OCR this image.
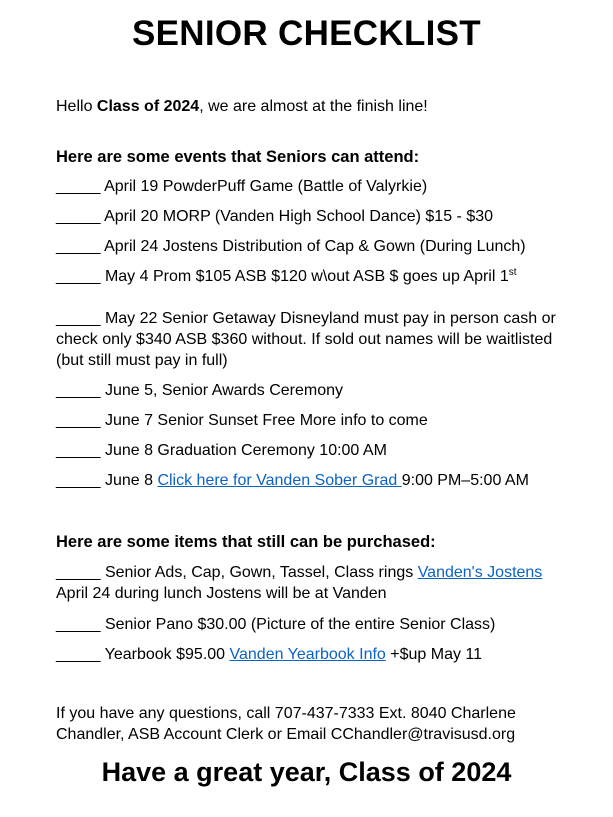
SENIOR CHECKLIST
Hello Class of 2024, we are almost at the finish line!
Here are some events that Seniors can attend:
_____ April 19 PowderPuff Game (Battle of Valyrkie)
_____ April 20 MORP (Vanden High School Dance) $15 - $30
_____ April 24 Jostens Distribution of Cap & Gown (During Lunch)
_____ May 4 Prom $105 ASB $120 w\out ASB $ goes up April 1st
_____ May 22 Senior Getaway Disneyland must pay in person cash or check only $340 ASB $360 without. If sold out names will be waitlisted (but still must pay in full)
_____ June 5, Senior Awards Ceremony
_____ June 7 Senior Sunset Free More info to come
_____ June 8 Graduation Ceremony 10:00 AM
_____ June 8 Click here for Vanden Sober Grad 9:00 PM–5:00 AM
Here are some items that still can be purchased:
_____ Senior Ads, Cap, Gown, Tassel, Class rings Vanden's Jostens April 24 during lunch Jostens will be at Vanden
_____ Senior Pano $30.00 (Picture of the entire Senior Class)
_____ Yearbook $95.00 Vanden Yearbook Info +$up May 11
If you have any questions, call 707-437-7333 Ext. 8040 Charlene Chandler, ASB Account Clerk or Email CChandler@travisusd.org
Have a great year, Class of 2024
